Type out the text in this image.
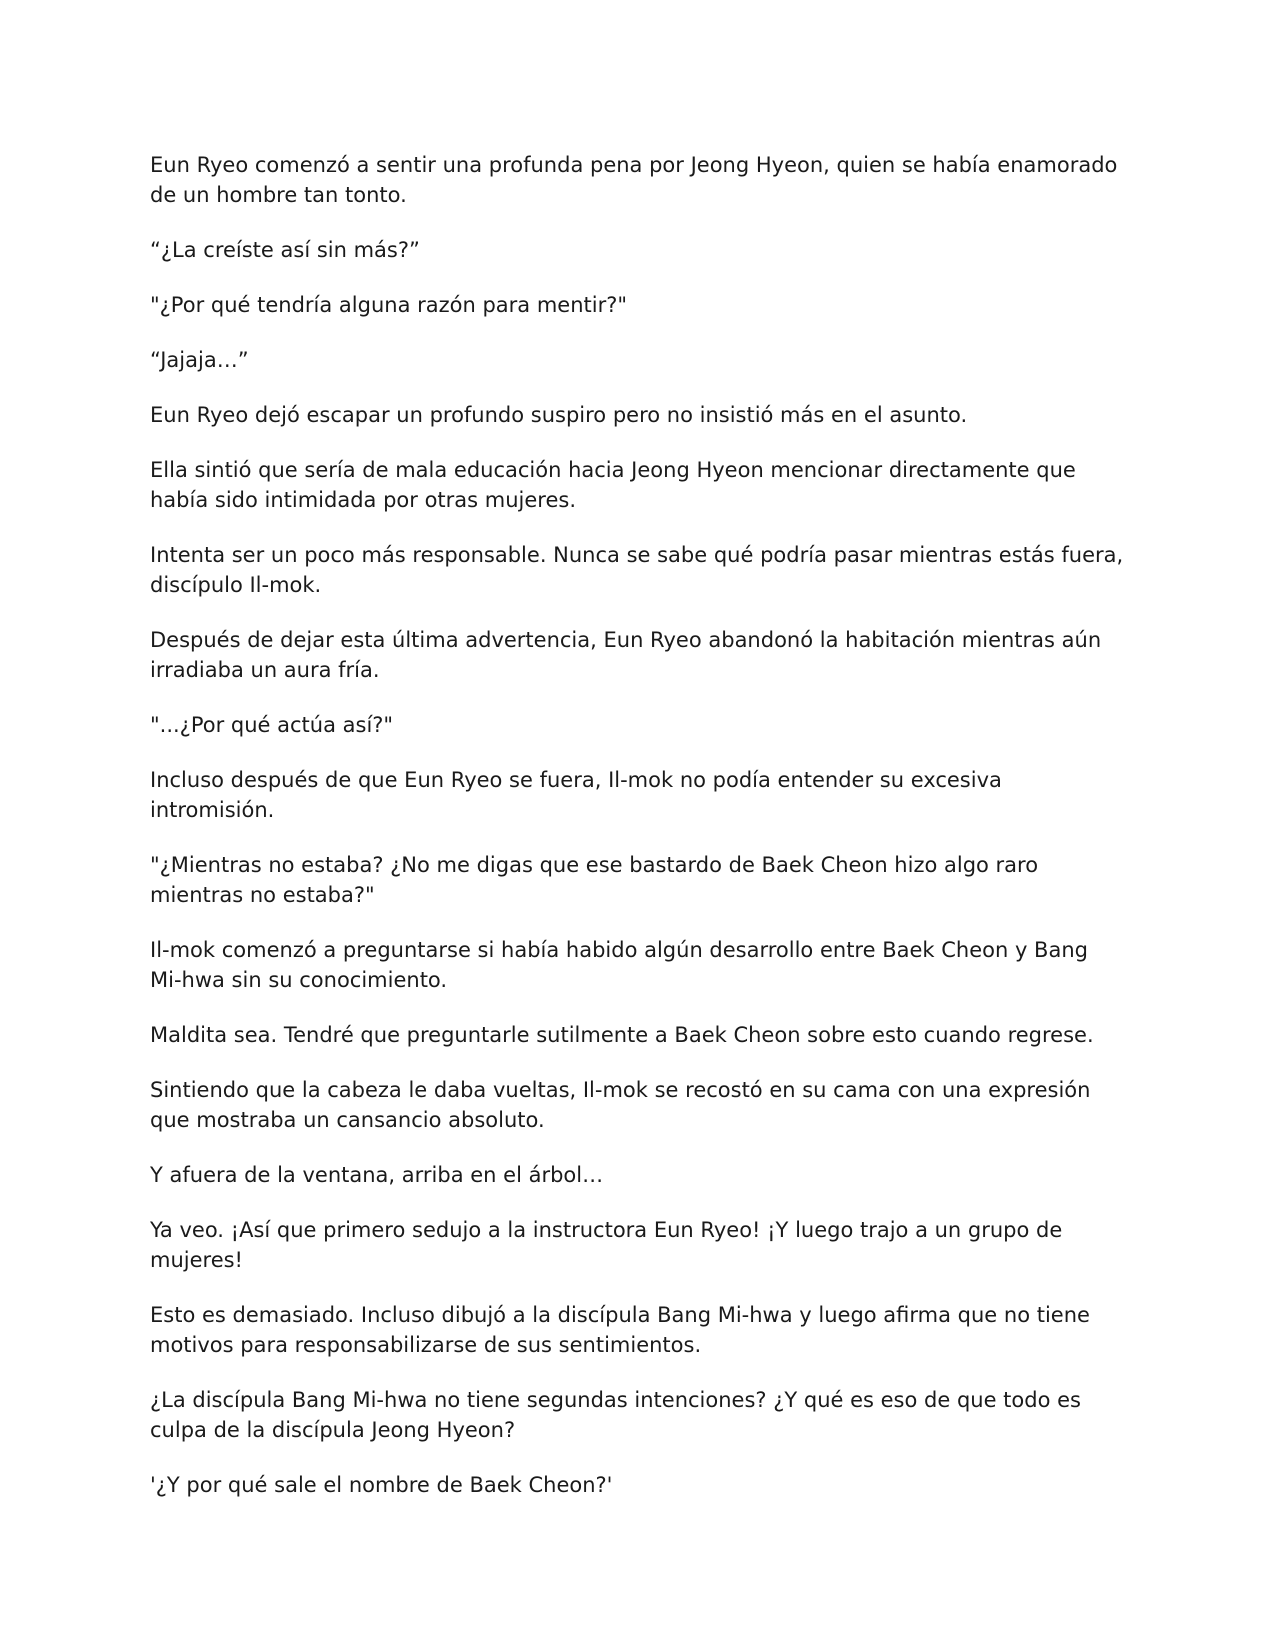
Eun Ryeo comenzó a sentir una profunda pena por Jeong Hyeon, quien se había enamorado de un hombre tan tonto.

“¿La creíste así sin más?”

"¿Por qué tendría alguna razón para mentir?"

“Jajaja…”

Eun Ryeo dejó escapar un profundo suspiro pero no insistió más en el asunto.

Ella sintió que sería de mala educación hacia Jeong Hyeon mencionar directamente que había sido intimidada por otras mujeres.

Intenta ser un poco más responsable. Nunca se sabe qué podría pasar mientras estás fuera, discípulo Il-mok.

Después de dejar esta última advertencia, Eun Ryeo abandonó la habitación mientras aún irradiaba un aura fría.

"...¿Por qué actúa así?"

Incluso después de que Eun Ryeo se fuera, Il-mok no podía entender su excesiva intromisión.

"¿Mientras no estaba? ¿No me digas que ese bastardo de Baek Cheon hizo algo raro mientras no estaba?"

Il-mok comenzó a preguntarse si había habido algún desarrollo entre Baek Cheon y Bang Mi-hwa sin su conocimiento.

Maldita sea. Tendré que preguntarle sutilmente a Baek Cheon sobre esto cuando regrese.

Sintiendo que la cabeza le daba vueltas, Il-mok se recostó en su cama con una expresión que mostraba un cansancio absoluto.

Y afuera de la ventana, arriba en el árbol…

Ya veo. ¡Así que primero sedujo a la instructora Eun Ryeo! ¡Y luego trajo a un grupo de mujeres!

Esto es demasiado. Incluso dibujó a la discípula Bang Mi-hwa y luego afirma que no tiene motivos para responsabilizarse de sus sentimientos.

¿La discípula Bang Mi-hwa no tiene segundas intenciones? ¿Y qué es eso de que todo es culpa de la discípula Jeong Hyeon?

'¿Y por qué sale el nombre de Baek Cheon?'
